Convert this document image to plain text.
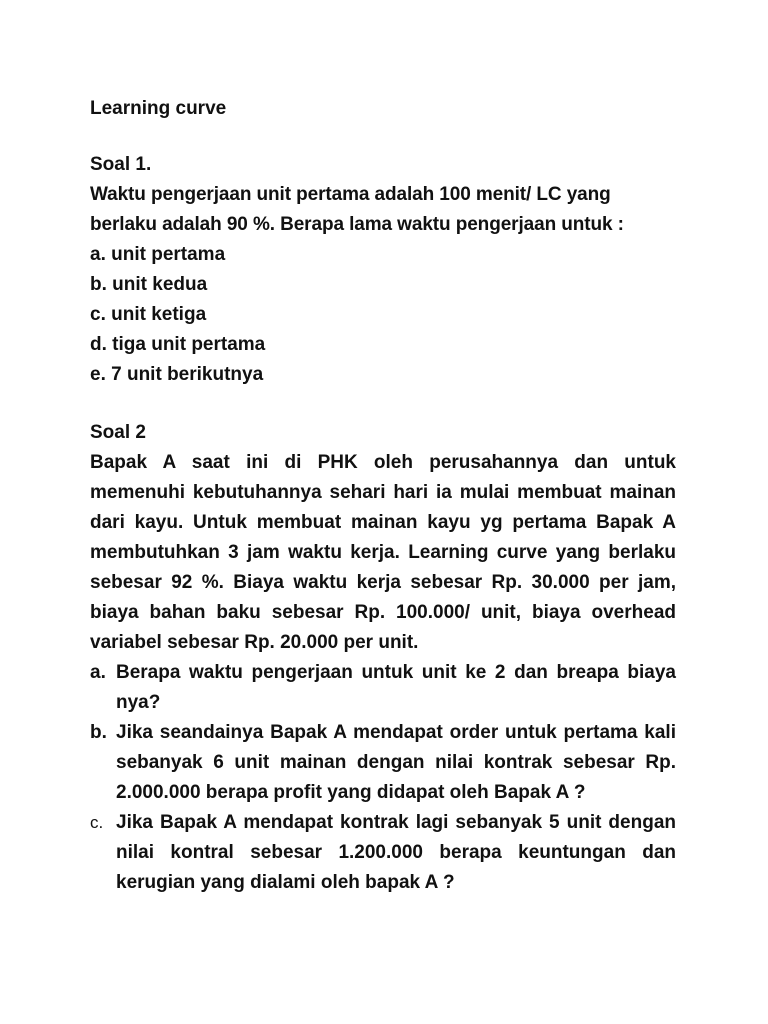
Learning curve

Soal 1.

Waktu pengerjaan unit pertama adalah 100 menit/ LC yang berlaku adalah 90 %. Berapa lama waktu pengerjaan untuk :

a. unit pertama
b. unit kedua
c. unit ketiga
d. tiga unit pertama
e. 7 unit berikutnya

Soal 2

Bapak A saat ini di PHK oleh perusahannya dan untuk memenuhi kebutuhannya sehari hari ia mulai membuat mainan dari kayu. Untuk membuat mainan kayu yg pertama Bapak A membutuhkan 3 jam waktu kerja. Learning curve yang berlaku sebesar 92 %. Biaya waktu kerja sebesar Rp. 30.000 per jam, biaya bahan baku sebesar Rp. 100.000/ unit, biaya overhead variabel sebesar Rp. 20.000 per unit.

a. Berapa waktu pengerjaan untuk unit ke 2 dan breapa biaya nya?
b. Jika seandainya Bapak A mendapat order untuk pertama kali sebanyak 6 unit mainan dengan nilai kontrak sebesar Rp. 2.000.000 berapa profit yang didapat oleh Bapak A ?
c. Jika Bapak A mendapat kontrak lagi sebanyak 5 unit dengan nilai kontral sebesar 1.200.000 berapa keuntungan dan kerugian yang dialami oleh bapak A ?
